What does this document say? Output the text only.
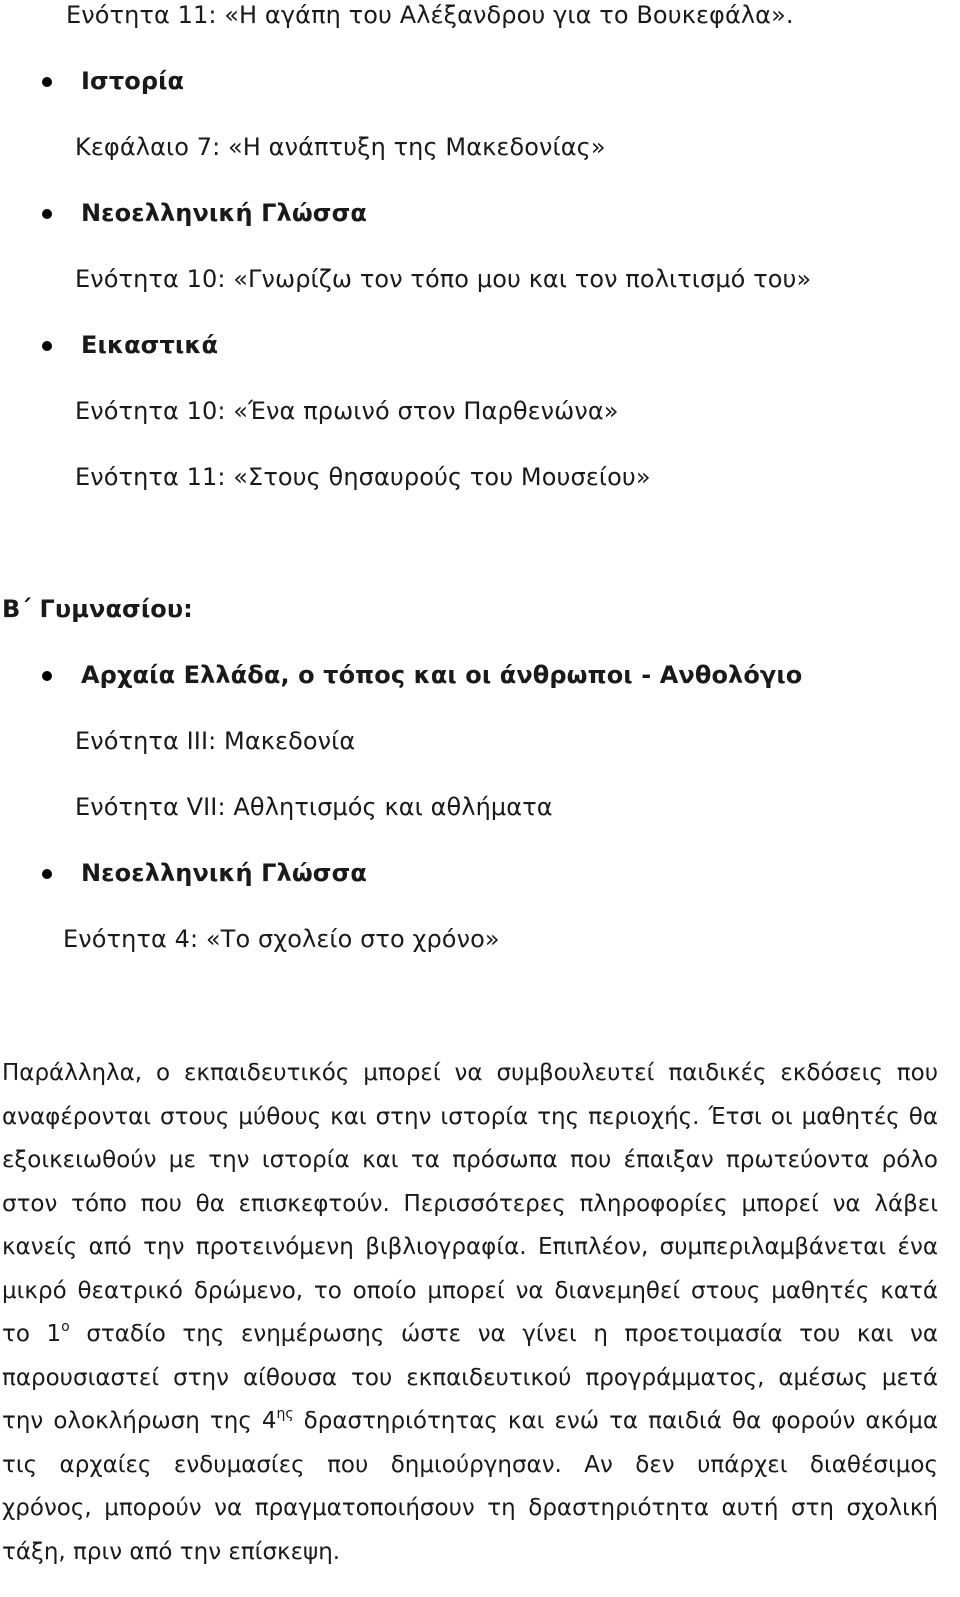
Ενότητα 11: «Η αγάπη του Αλέξανδρου για το Βουκεφάλα».
Ιστορία
Κεφάλαιο 7: «Η ανάπτυξη της Μακεδονίας»
Νεοελληνική Γλώσσα
Ενότητα 10: «Γνωρίζω τον τόπο μου και τον πολιτισμό του»
Εικαστικά
Ενότητα 10: «Ένα πρωινό στον Παρθενώνα»
Ενότητα 11: «Στους θησαυρούς του Μουσείου»
Β΄ Γυμνασίου:
Αρχαία Ελλάδα, ο τόπος και οι άνθρωποι - Ανθολόγιο
Ενότητα ΙΙΙ: Μακεδονία
Ενότητα VII: Αθλητισμός και αθλήματα
Νεοελληνική Γλώσσα
Ενότητα 4: «Το σχολείο στο χρόνο»
Παράλληλα, ο εκπαιδευτικός μπορεί να συμβουλευτεί παιδικές εκδόσεις που
αναφέρονται στους μύθους και στην ιστορία της περιοχής. Έτσι οι μαθητές θα
εξοικειωθούν με την ιστορία και τα πρόσωπα που έπαιξαν πρωτεύοντα ρόλο
στον τόπο που θα επισκεφτούν. Περισσότερες πληροφορίες μπορεί να λάβει
κανείς από την προτεινόμενη βιβλιογραφία. Επιπλέον, συμπεριλαμβάνεται ένα
μικρό θεατρικό δρώμενο, το οποίο μπορεί να διανεμηθεί στους μαθητές κατά
το $1^o$ σταδίο της ενημέρωσης ώστε να γίνει η προετοιμασία του και να
παρουσιαστεί στην αίθουσα του εκπαιδευτικού προγράμματος, αμέσως μετά
την ολοκλήρωση της $4^{\eta\varsigma}$ δραστηριότητας και ενώ τα παιδιά θα φορούν ακόμα
τις αρχαίες ενδυμασίες που δημιούργησαν. Αν δεν υπάρχει διαθέσιμος
χρόνος, μπορούν να πραγματοποιήσουν τη δραστηριότητα αυτή στη σχολική
τάξη, πριν από την επίσκεψη.
